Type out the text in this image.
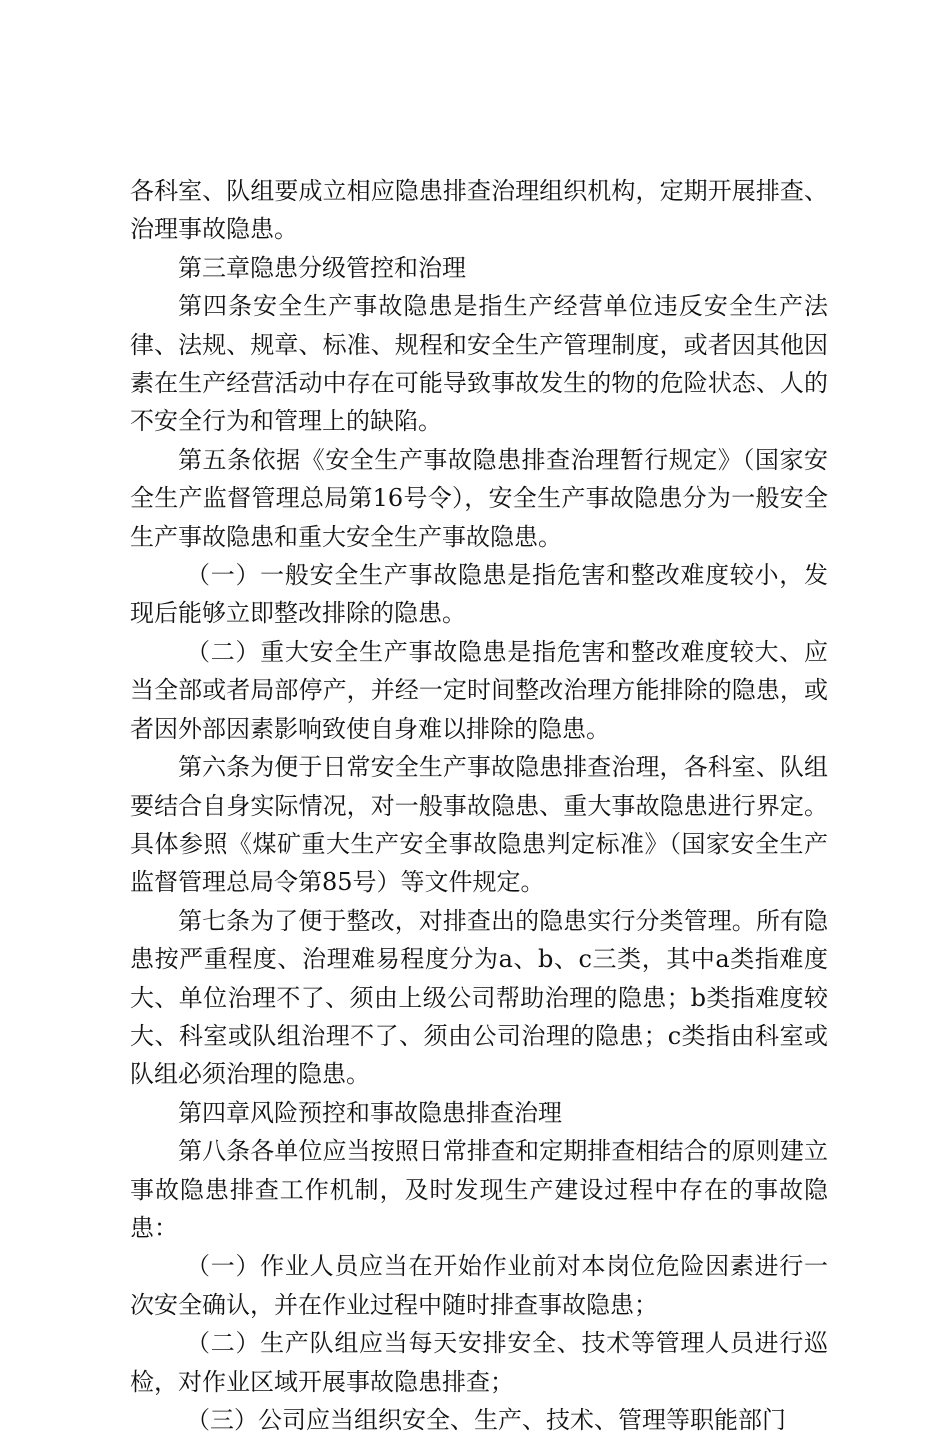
各科室、队组要成立相应隐患排查治理组织机构，定期开展排查、治理事故隐患。

第三章隐患分级管控和治理

第四条安全生产事故隐患是指生产经营单位违反安全生产法律、法规、规章、标准、规程和安全生产管理制度，或者因其他因素在生产经营活动中存在可能导致事故发生的物的危险状态、人的不安全行为和管理上的缺陷。

第五条依据《安全生产事故隐患排查治理暂行规定》（国家安全生产监督管理总局第16号令），安全生产事故隐患分为一般安全生产事故隐患和重大安全生产事故隐患。

（一）一般安全生产事故隐患是指危害和整改难度较小，发现后能够立即整改排除的隐患。

（二）重大安全生产事故隐患是指危害和整改难度较大、应当全部或者局部停产，并经一定时间整改治理方能排除的隐患，或者因外部因素影响致使自身难以排除的隐患。

第六条为便于日常安全生产事故隐患排查治理，各科室、队组要结合自身实际情况，对一般事故隐患、重大事故隐患进行界定。具体参照《煤矿重大生产安全事故隐患判定标准》（国家安全生产监督管理总局令第85号）等文件规定。

第七条为了便于整改，对排查出的隐患实行分类管理。所有隐患按严重程度、治理难易程度分为a、b、c三类，其中a类指难度大、单位治理不了、须由上级公司帮助治理的隐患；b类指难度较大、科室或队组治理不了、须由公司治理的隐患；c类指由科室或队组必须治理的隐患。

第四章风险预控和事故隐患排查治理

第八条各单位应当按照日常排查和定期排查相结合的原则建立事故隐患排查工作机制，及时发现生产建设过程中存在的事故隐患：

（一）作业人员应当在开始作业前对本岗位危险因素进行一次安全确认，并在作业过程中随时排查事故隐患；

（二）生产队组应当每天安排安全、技术等管理人员进行巡检，对作业区域开展事故隐患排查；

（三）公司应当组织安全、生产、技术、管理等职能部门
